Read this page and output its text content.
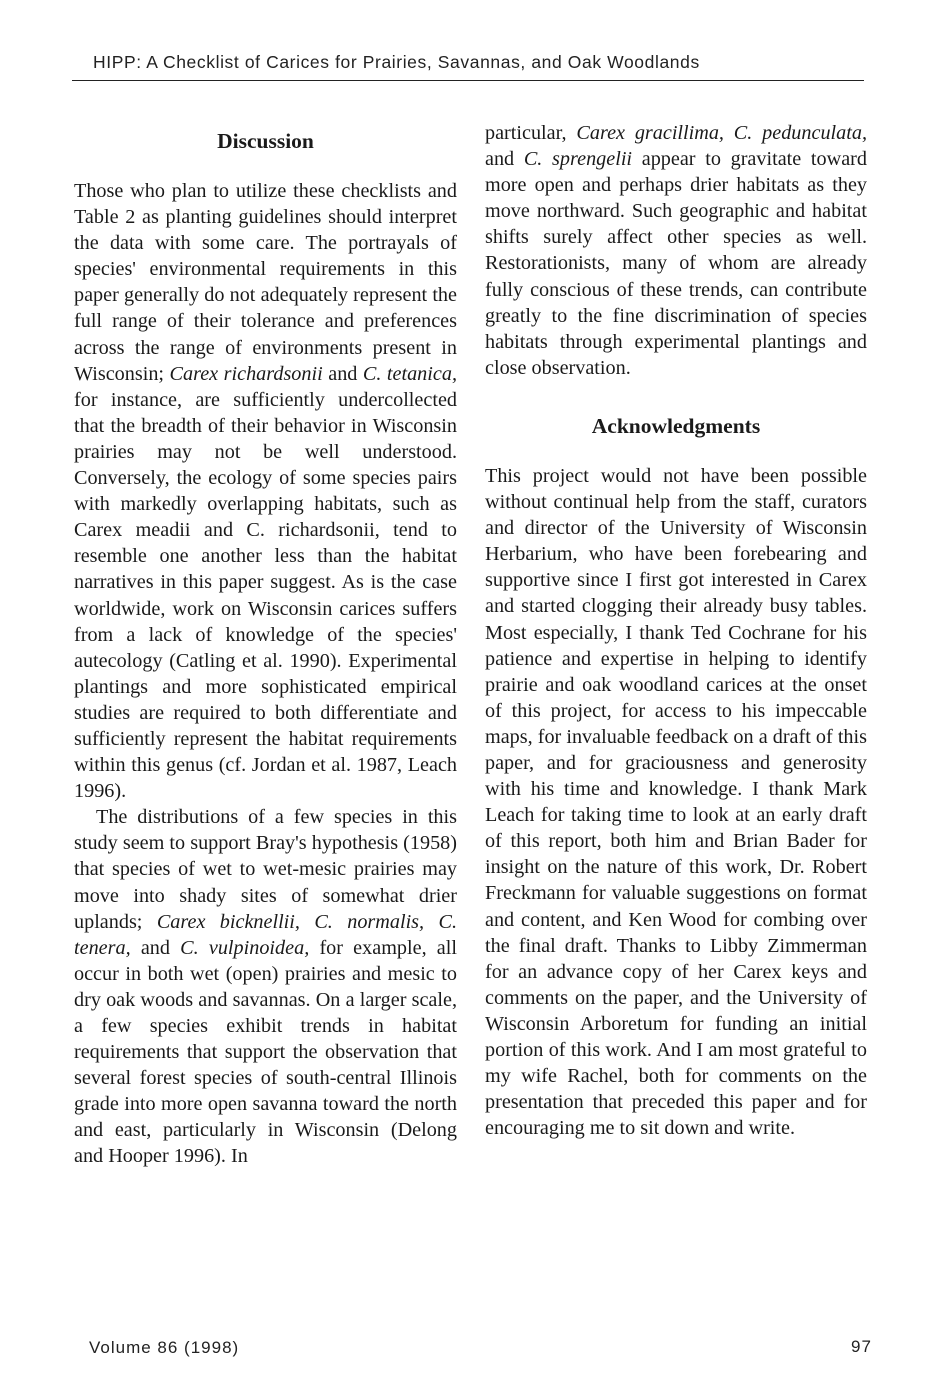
HIPP: A Checklist of Carices for Prairies, Savannas, and Oak Woodlands
Discussion

Those who plan to utilize these checklists and Table 2 as planting guidelines should interpret the data with some care. The portrayals of species' environmental requirements in this paper generally do not adequately represent the full range of their tolerance and preferences across the range of environments present in Wisconsin; Carex richardsonii and C. tetanica, for instance, are sufficiently undercollected that the breadth of their behavior in Wisconsin prairies may not be well understood. Conversely, the ecology of some species pairs with markedly overlapping habitats, such as Carex meadii and C. richardsonii, tend to resemble one another less than the habitat narratives in this paper suggest. As is the case worldwide, work on Wisconsin carices suffers from a lack of knowledge of the species' autecology (Catling et al. 1990). Experimental plantings and more sophisticated empirical studies are required to both differentiate and sufficiently represent the habitat requirements within this genus (cf. Jordan et al. 1987, Leach 1996).

The distributions of a few species in this study seem to support Bray's hypothesis (1958) that species of wet to wet-mesic prairies may move into shady sites of somewhat drier uplands; Carex bicknellii, C. normalis, C. tenera, and C. vulpinoidea, for example, all occur in both wet (open) prairies and mesic to dry oak woods and savannas. On a larger scale, a few species exhibit trends in habitat requirements that support the observation that several forest species of south-central Illinois grade into more open savanna toward the north and east, particularly in Wisconsin (Delong and Hooper 1996). In

particular, Carex gracillima, C. pedunculata, and C. sprengelii appear to gravitate toward more open and perhaps drier habitats as they move northward. Such geographic and habitat shifts surely affect other species as well. Restorationists, many of whom are already fully conscious of these trends, can contribute greatly to the fine discrimination of species habitats through experimental plantings and close observation.

Acknowledgments

This project would not have been possible without continual help from the staff, curators and director of the University of Wisconsin Herbarium, who have been forebearing and supportive since I first got interested in Carex and started clogging their already busy tables. Most especially, I thank Ted Cochrane for his patience and expertise in helping to identify prairie and oak woodland carices at the onset of this project, for access to his impeccable maps, for invaluable feedback on a draft of this paper, and for graciousness and generosity with his time and knowledge. I thank Mark Leach for taking time to look at an early draft of this report, both him and Brian Bader for insight on the nature of this work, Dr. Robert Freckmann for valuable suggestions on format and content, and Ken Wood for combing over the final draft. Thanks to Libby Zimmerman for an advance copy of her Carex keys and comments on the paper, and the University of Wisconsin Arboretum for funding an initial portion of this work. And I am most grateful to my wife Rachel, both for comments on the presentation that preceded this paper and for encouraging me to sit down and write.

Volume 86 (1998)	97
